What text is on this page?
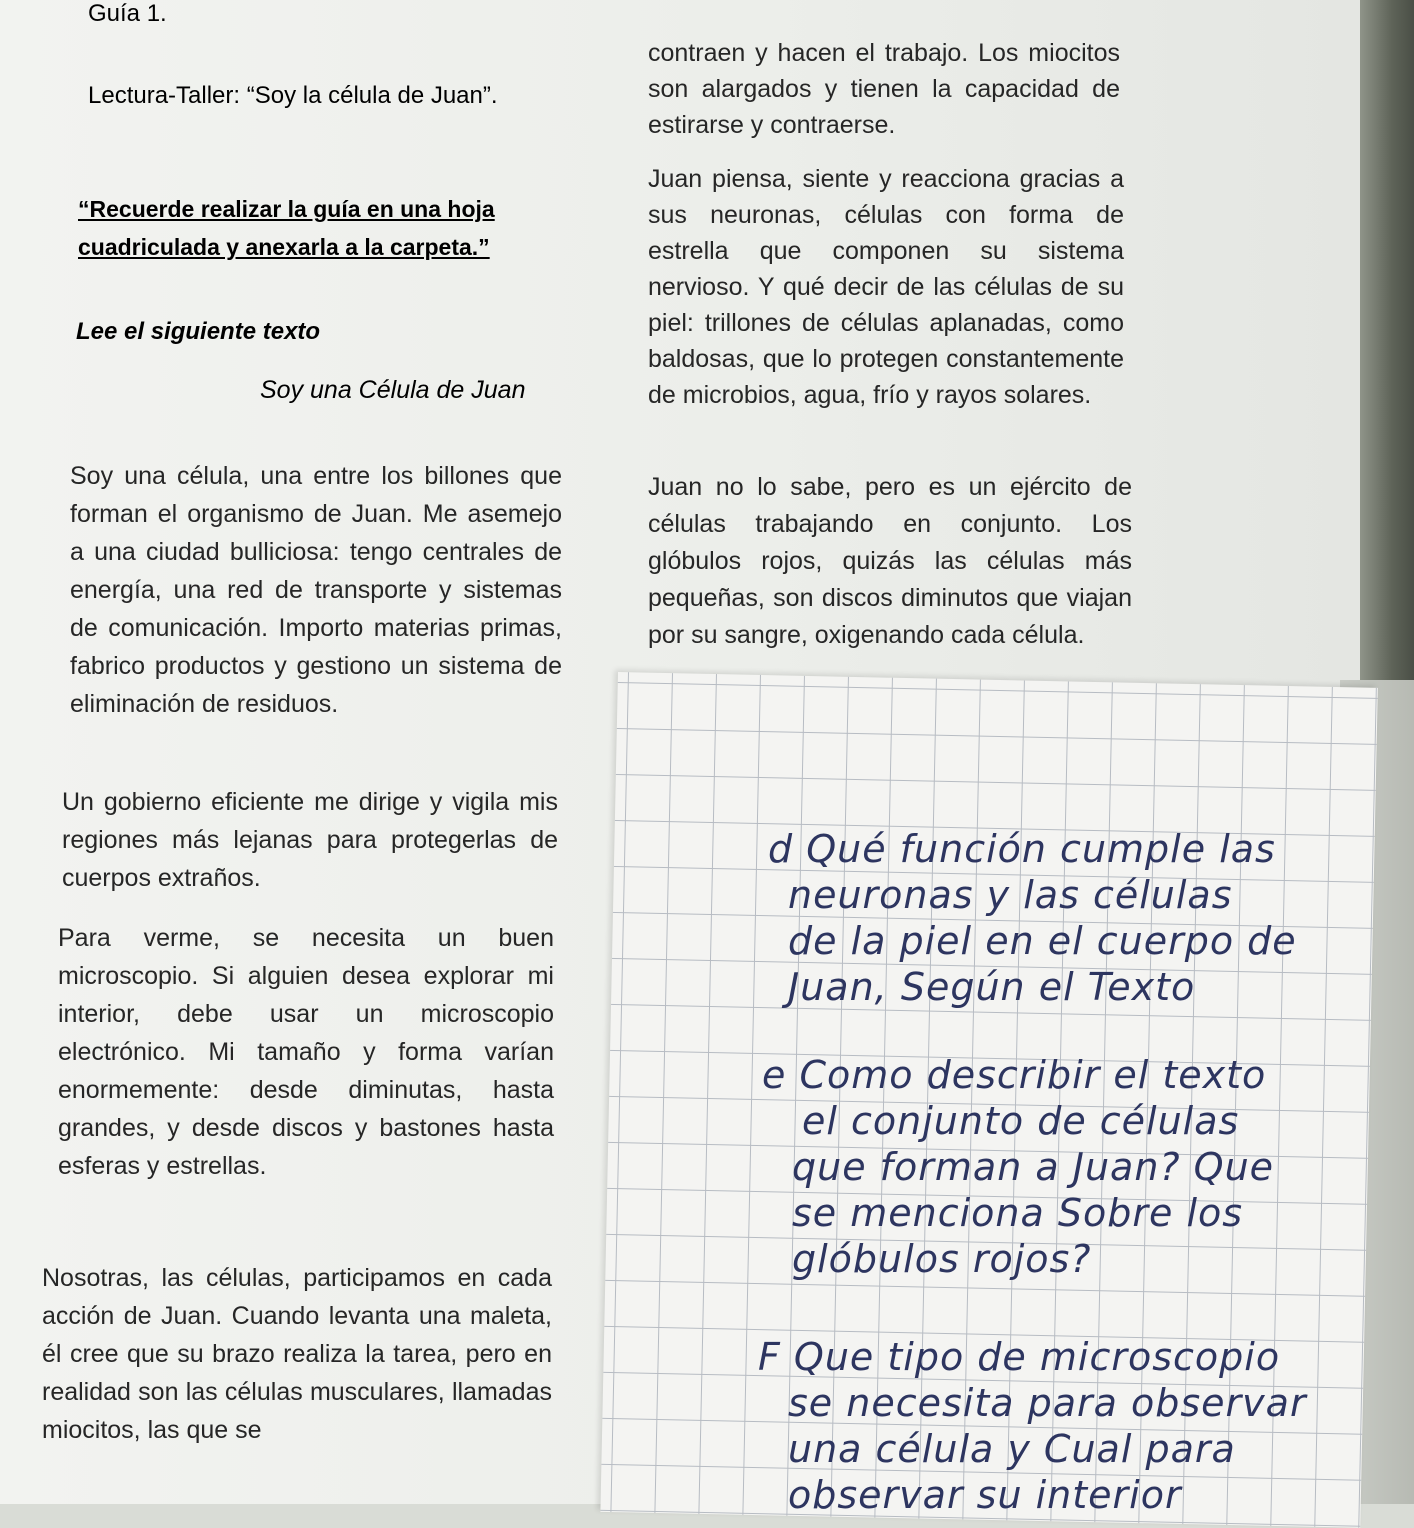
Guía 1.
Lectura-Taller: “Soy la célula de Juan”.
“Recuerde realizar la guía en una hoja cuadriculada y anexarla a la carpeta.”
Lee el siguiente texto
Soy una Célula de Juan

Soy una célula, una entre los billones que forman el organismo de Juan. Me asemejo a una ciudad bulliciosa: tengo centrales de energía, una red de transporte y sistemas de comunicación. Importo materias primas, fabrico productos y gestiono un sistema de eliminación de residuos.

Un gobierno eficiente me dirige y vigila mis regiones más lejanas para protegerlas de cuerpos extraños.

Para verme, se necesita un buen microscopio. Si alguien desea explorar mi interior, debe usar un microscopio electrónico. Mi tamaño y forma varían enormemente: desde diminutas, hasta grandes, y desde discos y bastones hasta esferas y estrellas.

Nosotras, las células, participamos en cada acción de Juan. Cuando levanta una maleta, él cree que su brazo realiza la tarea, pero en realidad son las células musculares, llamadas miocitos, las que se

contraen y hacen el trabajo. Los miocitos son alargados y tienen la capacidad de estirarse y contraerse.

Juan piensa, siente y reacciona gracias a sus neuronas, células con forma de estrella que componen su sistema nervioso. Y qué decir de las células de su piel: trillones de células aplanadas, como baldosas, que lo protegen constantemente de microbios, agua, frío y rayos solares.

Juan no lo sabe, pero es un ejército de células trabajando en conjunto. Los glóbulos rojos, quizás las células más pequeñas, son discos diminutos que viajan por su sangre, oxigenando cada célula.

d Qué función cumple las
neuronas y las células
de la piel en el cuerpo de
Juan, Según el Texto
e Como describir el texto
el conjunto de células
que forman a Juan? Que
se menciona Sobre los
glóbulos rojos?
F Que tipo de microscopio
se necesita para observar
una célula y Cual para
observar su interior
